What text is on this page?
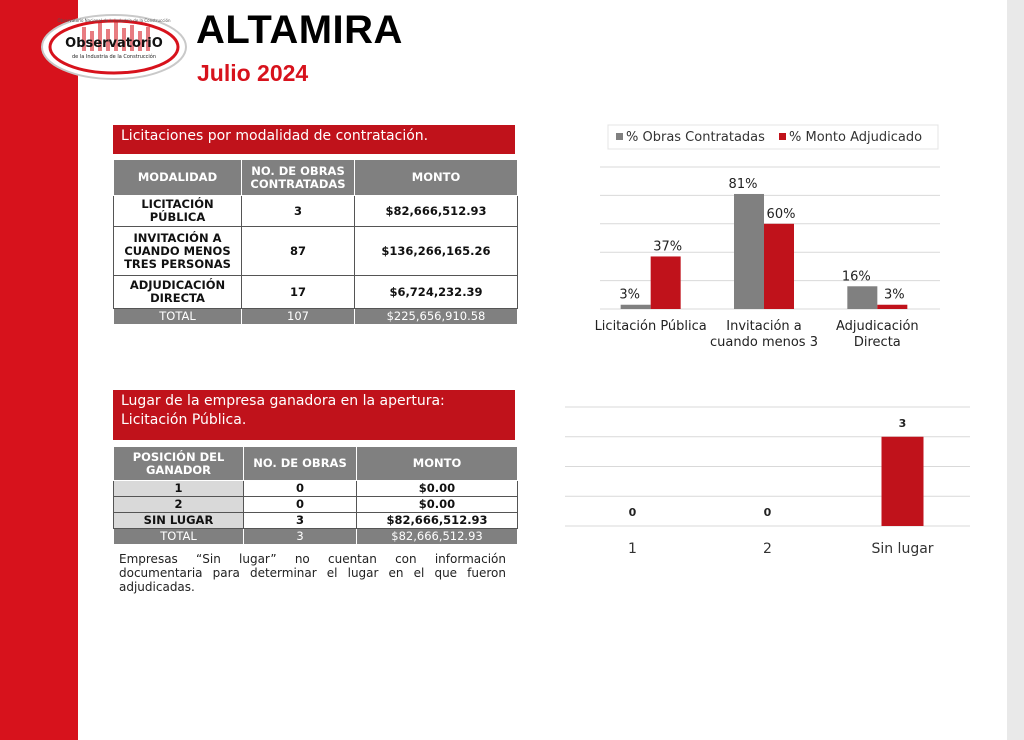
Observatorio Nacional de la Industria de la Construcción
ObservatoriO
de la Industria de la Construcción
ALTAMIRA
Julio 2024
Licitaciones por modalidad de contratación.
MODALIDAD	NO. DE OBRAS CONTRATADAS	MONTO
LICITACIÓN PÚBLICA	3	$82,666,512.93
INVITACIÓN A CUANDO MENOS TRES PERSONAS	87	$136,266,165.26
ADJUDICACIÓN DIRECTA	17	$6,724,232.39
TOTAL	107	$225,656,910.58
% Obras Contratadas % Monto Adjudicado
3%
37%
Licitación Pública
81%
60%
Invitación a
cuando menos 3
16%
3%
Adjudicación
Directa
Lugar de la empresa ganadora en la apertura: Licitación Pública.
POSICIÓN DEL GANADOR	NO. DE OBRAS	MONTO
1	0	$0.00
2	0	$0.00
SIN LUGAR	3	$82,666,512.93
TOTAL	3	$82,666,512.93
Empresas “Sin lugar” no cuentan con información documentaria para determinar el lugar en el que fueron adjudicadas.
0
1
0
2
3
Sin lugar
